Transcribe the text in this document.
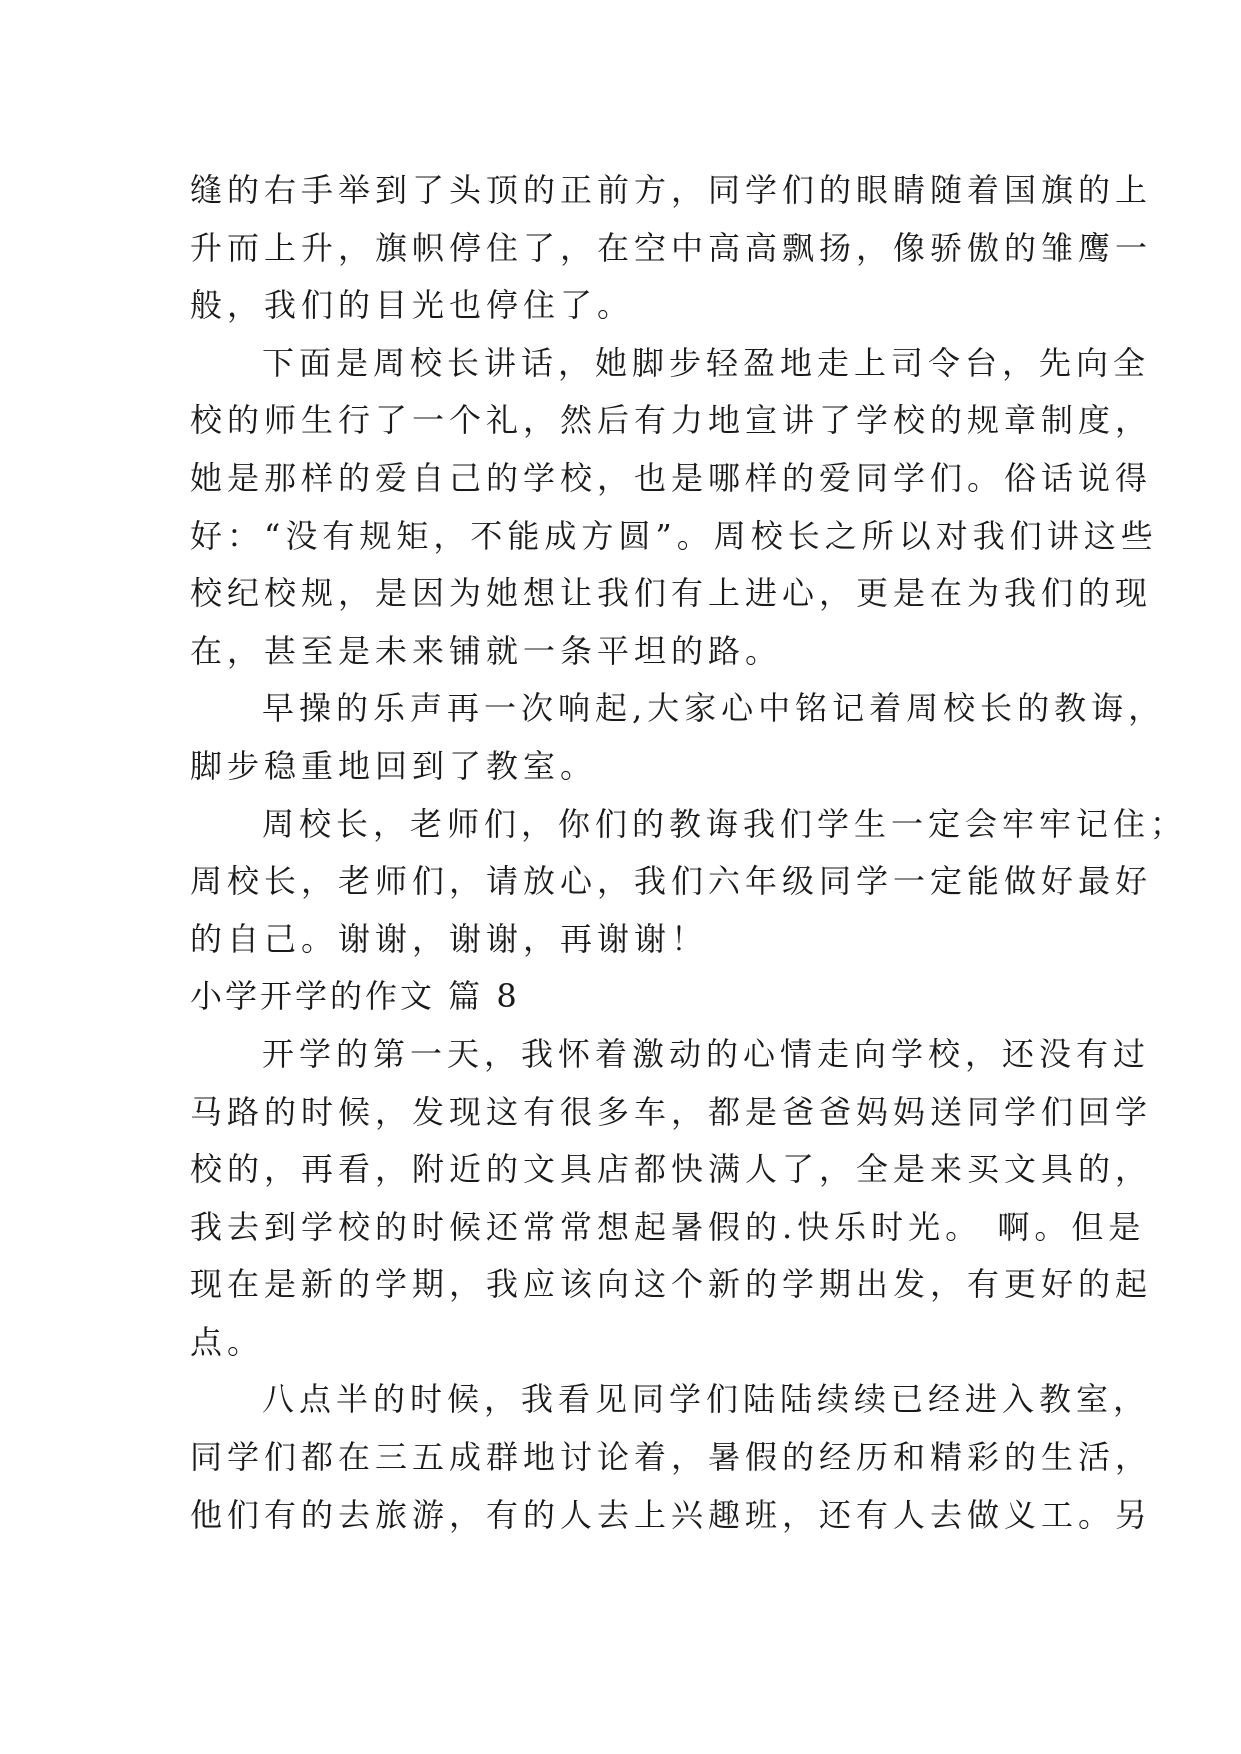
缝的右手举到了头顶的正前方，同学们的眼睛随着国旗的上
升而上升，旗帜停住了，在空中高高飘扬，像骄傲的雏鹰一
般，我们的目光也停住了。
下面是周校长讲话，她脚步轻盈地走上司令台，先向全
校的师生行了一个礼，然后有力地宣讲了学校的规章制度，
她是那样的爱自己的学校，也是哪样的爱同学们。俗话说得
好：“没有规矩，不能成方圆”。周校长之所以对我们讲这些
校纪校规，是因为她想让我们有上进心，更是在为我们的现
在，甚至是未来铺就一条平坦的路。
早操的乐声再一次响起,大家心中铭记着周校长的教诲，
脚步稳重地回到了教室。
周校长，老师们，你们的教诲我们学生一定会牢牢记住；
周校长，老师们，请放心，我们六年级同学一定能做好最好
的自己。谢谢，谢谢，再谢谢！
小学开学的作文 篇 8
开学的第一天，我怀着激动的心情走向学校，还没有过
马路的时候，发现这有很多车，都是爸爸妈妈送同学们回学
校的，再看，附近的文具店都快满人了，全是来买文具的，
我去到学校的时候还常常想起暑假的.快乐时光。 啊。但是
现在是新的学期，我应该向这个新的学期出发，有更好的起
点。
八点半的时候，我看见同学们陆陆续续已经进入教室，
同学们都在三五成群地讨论着，暑假的经历和精彩的生活，
他们有的去旅游，有的人去上兴趣班，还有人去做义工。另
